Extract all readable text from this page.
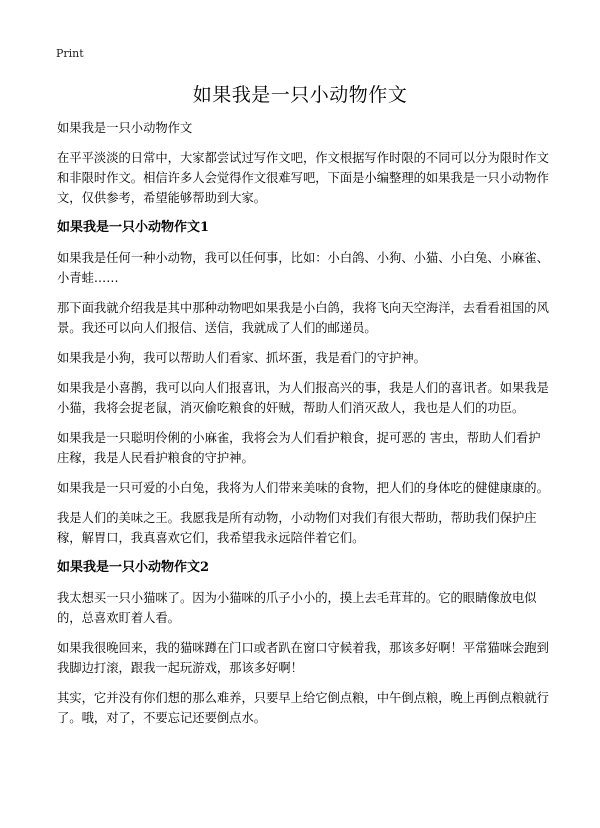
Print
如果我是一只小动物作文

如果我是一只小动物作文

在平平淡淡的日常中，大家都尝试过写作文吧，作文根据写作时限的不同可以分为限时作文和非限时作文。相信许多人会觉得作文很难写吧，下面是小编整理的如果我是一只小动物作文，仅供参考，希望能够帮助到大家。

如果我是一只小动物作文1

如果我是任何一种小动物，我可以任何事，比如：小白鸽、小狗、小猫、小白兔、小麻雀、小青蛙……

那下面我就介绍我是其中那种动物吧如果我是小白鸽，我将飞向天空海洋，去看看祖国的风景。我还可以向人们报信、送信，我就成了人们的邮递员。

如果我是小狗，我可以帮助人们看家、抓坏蛋，我是看门的守护神。

如果我是小喜鹊，我可以向人们报喜讯，为人们报高兴的事，我是人们的喜讯者。如果我是小猫，我将会捉老鼠，消灭偷吃粮食的奸贼，帮助人们消灭敌人，我也是人们的功臣。

如果我是一只聪明伶俐的小麻雀，我将会为人们看护粮食，捉可恶的 害虫，帮助人们看护庄稼，我是人民看护粮食的守护神。

如果我是一只可爱的小白兔，我将为人们带来美味的食物，把人们的身体吃的健健康康的。

我是人们的美味之王。我愿我是所有动物，小动物们对我们有很大帮助，帮助我们保护庄稼，解胃口，我真喜欢它们，我希望我永远陪伴着它们。

如果我是一只小动物作文2

我太想买一只小猫咪了。因为小猫咪的爪子小小的，摸上去毛茸茸的。它的眼睛像放电似的，总喜欢盯着人看。

如果我很晚回来，我的猫咪蹲在门口或者趴在窗口守候着我，那该多好啊！平常猫咪会跑到我脚边打滚，跟我一起玩游戏，那该多好啊！

其实，它并没有你们想的那么难养，只要早上给它倒点粮，中午倒点粮，晚上再倒点粮就行了。哦，对了，不要忘记还要倒点水。
